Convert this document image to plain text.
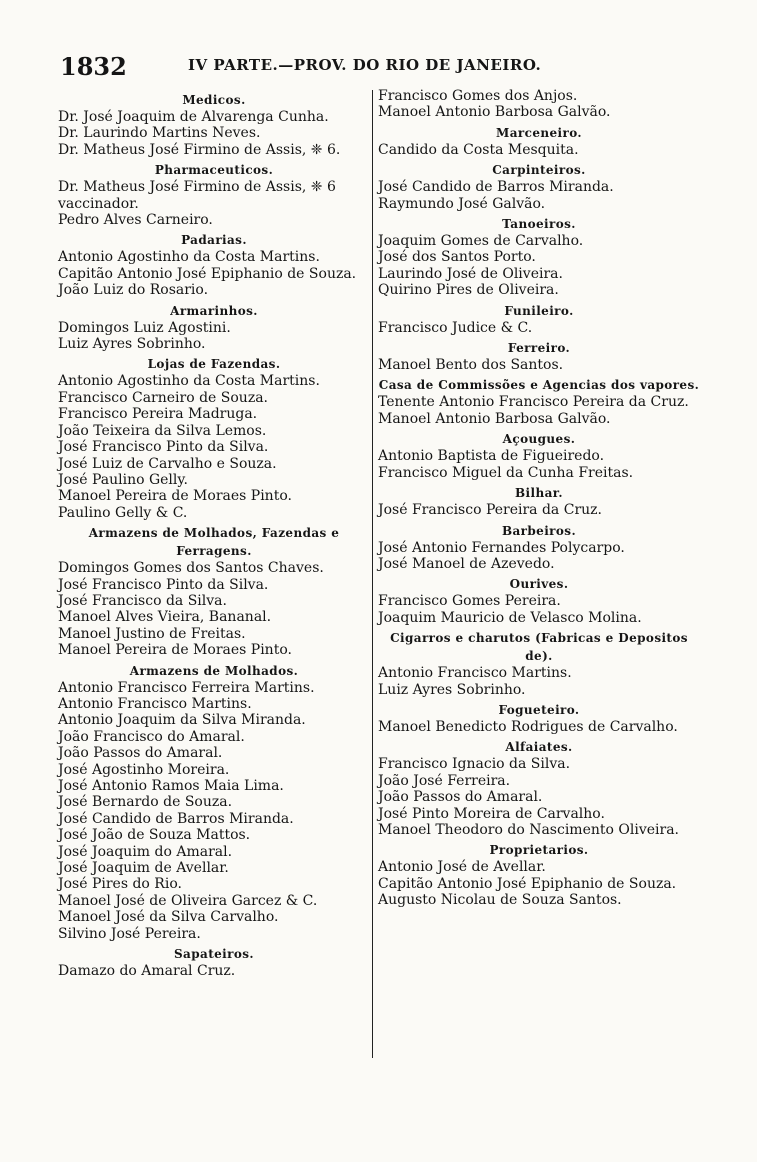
1832	IV PARTE.—PROV. DO RIO DE JANEIRO.
Medicos.
Dr. José Joaquim de Alvarenga Cunha.
Dr. Laurindo Martins Neves.
Dr. Matheus José Firmino de Assis, ❈ 6.
Pharmaceuticos.
Dr. Matheus José Firmino de Assis, ❈ 6 vaccinador.
Pedro Alves Carneiro.
Padarias.
Antonio Agostinho da Costa Martins.
Capitão Antonio José Epiphanio de Souza.
João Luiz do Rosario.
Armarinhos.
Domingos Luiz Agostini.
Luiz Ayres Sobrinho.
Lojas de Fazendas.
Antonio Agostinho da Costa Martins.
Francisco Carneiro de Souza.
Francisco Pereira Madruga.
João Teixeira da Silva Lemos.
José Francisco Pinto da Silva.
José Luiz de Carvalho e Souza.
José Paulino Gelly.
Manoel Pereira de Moraes Pinto.
Paulino Gelly & C.
Armazens de Molhados, Fazendas e Ferragens.
Domingos Gomes dos Santos Chaves.
José Francisco Pinto da Silva.
José Francisco da Silva.
Manoel Alves Vieira, Bananal.
Manoel Justino de Freitas.
Manoel Pereira de Moraes Pinto.
Armazens de Molhados.
Antonio Francisco Ferreira Martins.
Antonio Francisco Martins.
Antonio Joaquim da Silva Miranda.
João Francisco do Amaral.
João Passos do Amaral.
José Agostinho Moreira.
José Antonio Ramos Maia Lima.
José Bernardo de Souza.
José Candido de Barros Miranda.
José João de Souza Mattos.
José Joaquim do Amaral.
José Joaquim de Avellar.
José Pires do Rio.
Manoel José de Oliveira Garcez & C.
Manoel José da Silva Carvalho.
Silvino José Pereira.
Sapateiros.
Damazo do Amaral Cruz.
Francisco Gomes dos Anjos.
Manoel Antonio Barbosa Galvão.
Marceneiro.
Candido da Costa Mesquita.
Carpinteiros.
José Candido de Barros Miranda.
Raymundo José Galvão.
Tanoeiros.
Joaquim Gomes de Carvalho.
José dos Santos Porto.
Laurindo José de Oliveira.
Quirino Pires de Oliveira.
Funileiro.
Francisco Judice & C.
Ferreiro.
Manoel Bento dos Santos.
Casa de Commissões e Agencias dos vapores.
Tenente Antonio Francisco Pereira da Cruz.
Manoel Antonio Barbosa Galvão.
Açougues.
Antonio Baptista de Figueiredo.
Francisco Miguel da Cunha Freitas.
Bilhar.
José Francisco Pereira da Cruz.
Barbeiros.
José Antonio Fernandes Polycarpo.
José Manoel de Azevedo.
Ourives.
Francisco Gomes Pereira.
Joaquim Mauricio de Velasco Molina.
Cigarros e charutos (Fabricas e Depositos de).
Antonio Francisco Martins.
Luiz Ayres Sobrinho.
Fogueteiro.
Manoel Benedicto Rodrigues de Carvalho.
Alfaiates.
Francisco Ignacio da Silva.
João José Ferreira.
João Passos do Amaral.
José Pinto Moreira de Carvalho.
Manoel Theodoro do Nascimento Oliveira.
Proprietarios.
Antonio José de Avellar.
Capitão Antonio José Epiphanio de Souza.
Augusto Nicolau de Souza Santos.
